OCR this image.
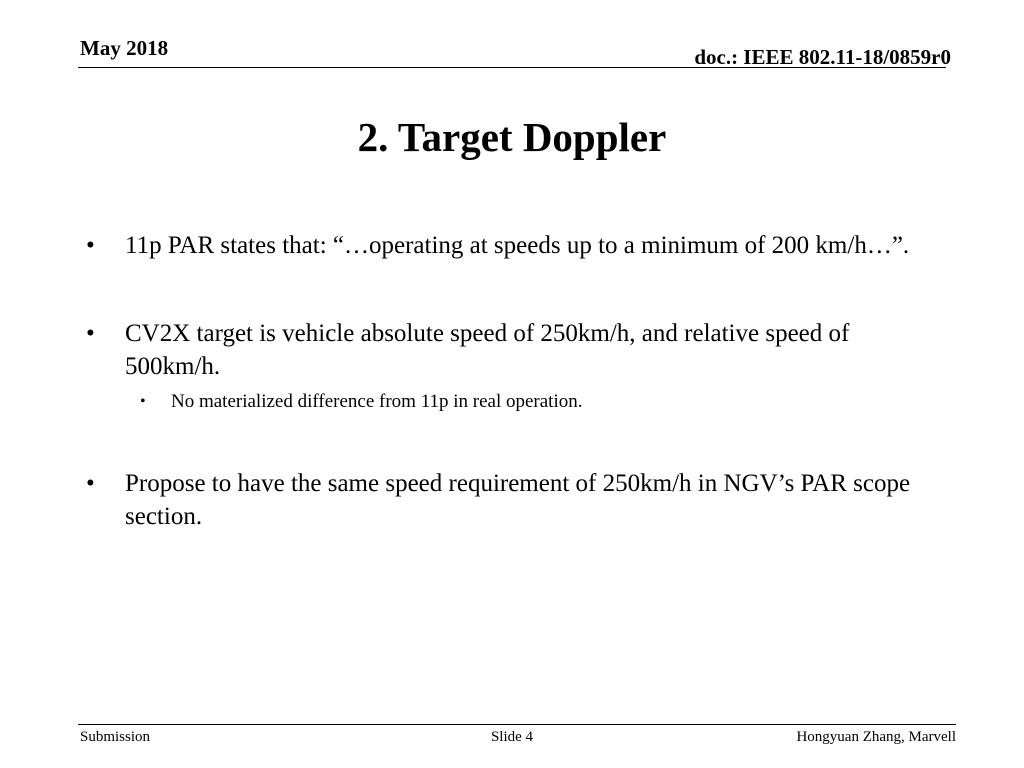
May 2018	doc.: IEEE 802.11-18/0859r0
2. Target Doppler
• 11p PAR states that: “…operating at speeds up to a minimum of 200 km/h…”.
• CV2X target is vehicle absolute speed of 250km/h, and relative speed of 500km/h.
• No materialized difference from 11p in real operation.
• Propose to have the same speed requirement of 250km/h in NGV’s PAR scope section.
Submission	Slide 4	Hongyuan Zhang, Marvell
